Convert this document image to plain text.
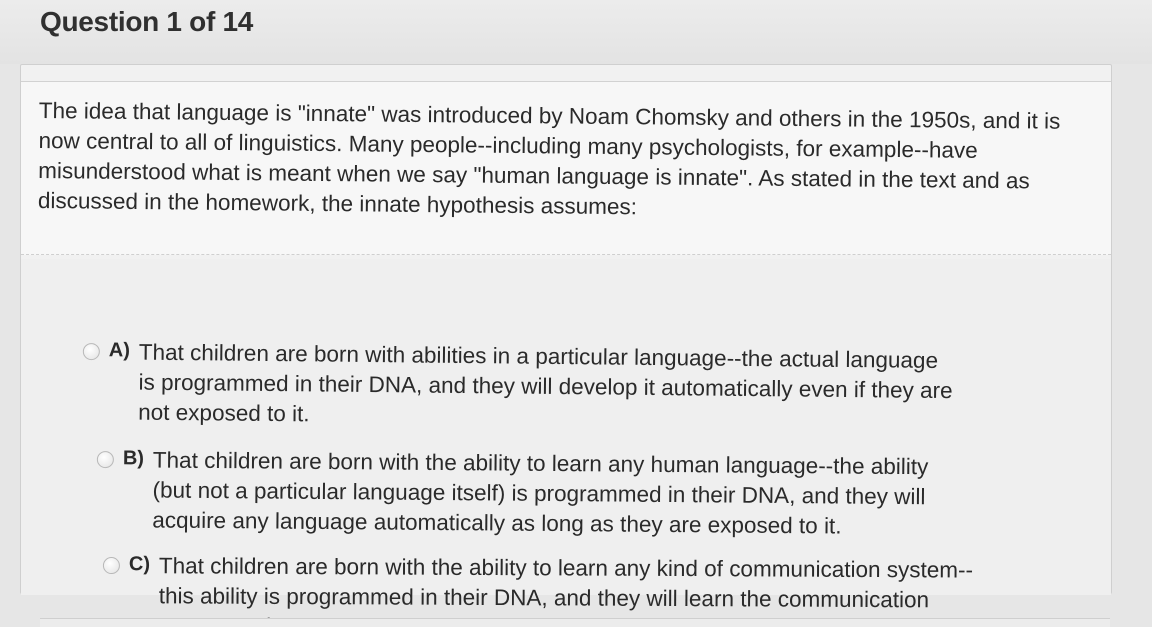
Question 1 of 14
The idea that language is "innate" was introduced by Noam Chomsky and others in the 1950s, and it is now central to all of linguistics. Many people--including many psychologists, for example--have misunderstood what is meant when we say "human language is innate". As stated in the text and as discussed in the homework, the innate hypothesis assumes:
A) That children are born with abilities in a particular language--the actual language is programmed in their DNA, and they will develop it automatically even if they are not exposed to it.
B) That children are born with the ability to learn any human language--the ability (but not a particular language itself) is programmed in their DNA, and they will acquire any language automatically as long as they are exposed to it.
C) That children are born with the ability to learn any kind of communication system--this ability is programmed in their DNA, and they will learn the communication
